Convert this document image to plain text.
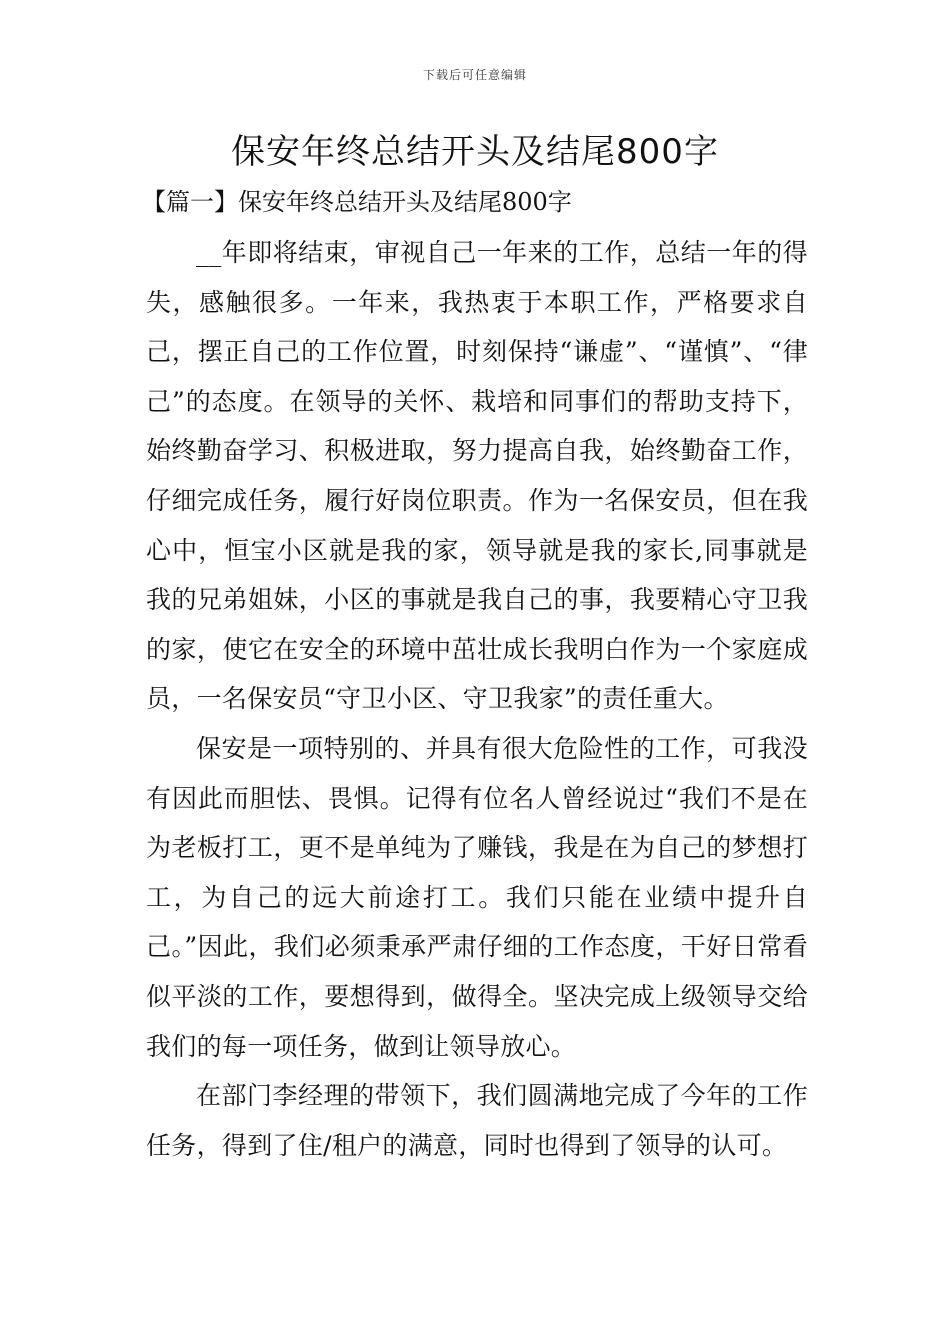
下载后可任意编辑
保安年终总结开头及结尾800字
【篇一】保安年终总结开头及结尾800字

__年即将结束，审视自己一年来的工作，总结一年的得失，感触很多。一年来，我热衷于本职工作，严格要求自己，摆正自己的工作位置，时刻保持“谦虚”、“谨慎”、“律己”的态度。在领导的关怀、栽培和同事们的帮助支持下，始终勤奋学习、积极进取，努力提高自我，始终勤奋工作，仔细完成任务，履行好岗位职责。作为一名保安员，但在我心中，恒宝小区就是我的家，领导就是我的家长,同事就是我的兄弟姐妹，小区的事就是我自己的事，我要精心守卫我的家，使它在安全的环境中茁壮成长我明白作为一个家庭成员，一名保安员“守卫小区、守卫我家”的责任重大。

保安是一项特别的、并具有很大危险性的工作，可我没有因此而胆怯、畏惧。记得有位名人曾经说过“我们不是在为老板打工，更不是单纯为了赚钱，我是在为自己的梦想打工，为自己的远大前途打工。我们只能在业绩中提升自己。”因此，我们必须秉承严肃仔细的工作态度，干好日常看似平淡的工作，要想得到，做得全。坚决完成上级领导交给我们的每一项任务，做到让领导放心。

在部门李经理的带领下，我们圆满地完成了今年的工作任务，得到了住/租户的满意，同时也得到了领导的认可。
